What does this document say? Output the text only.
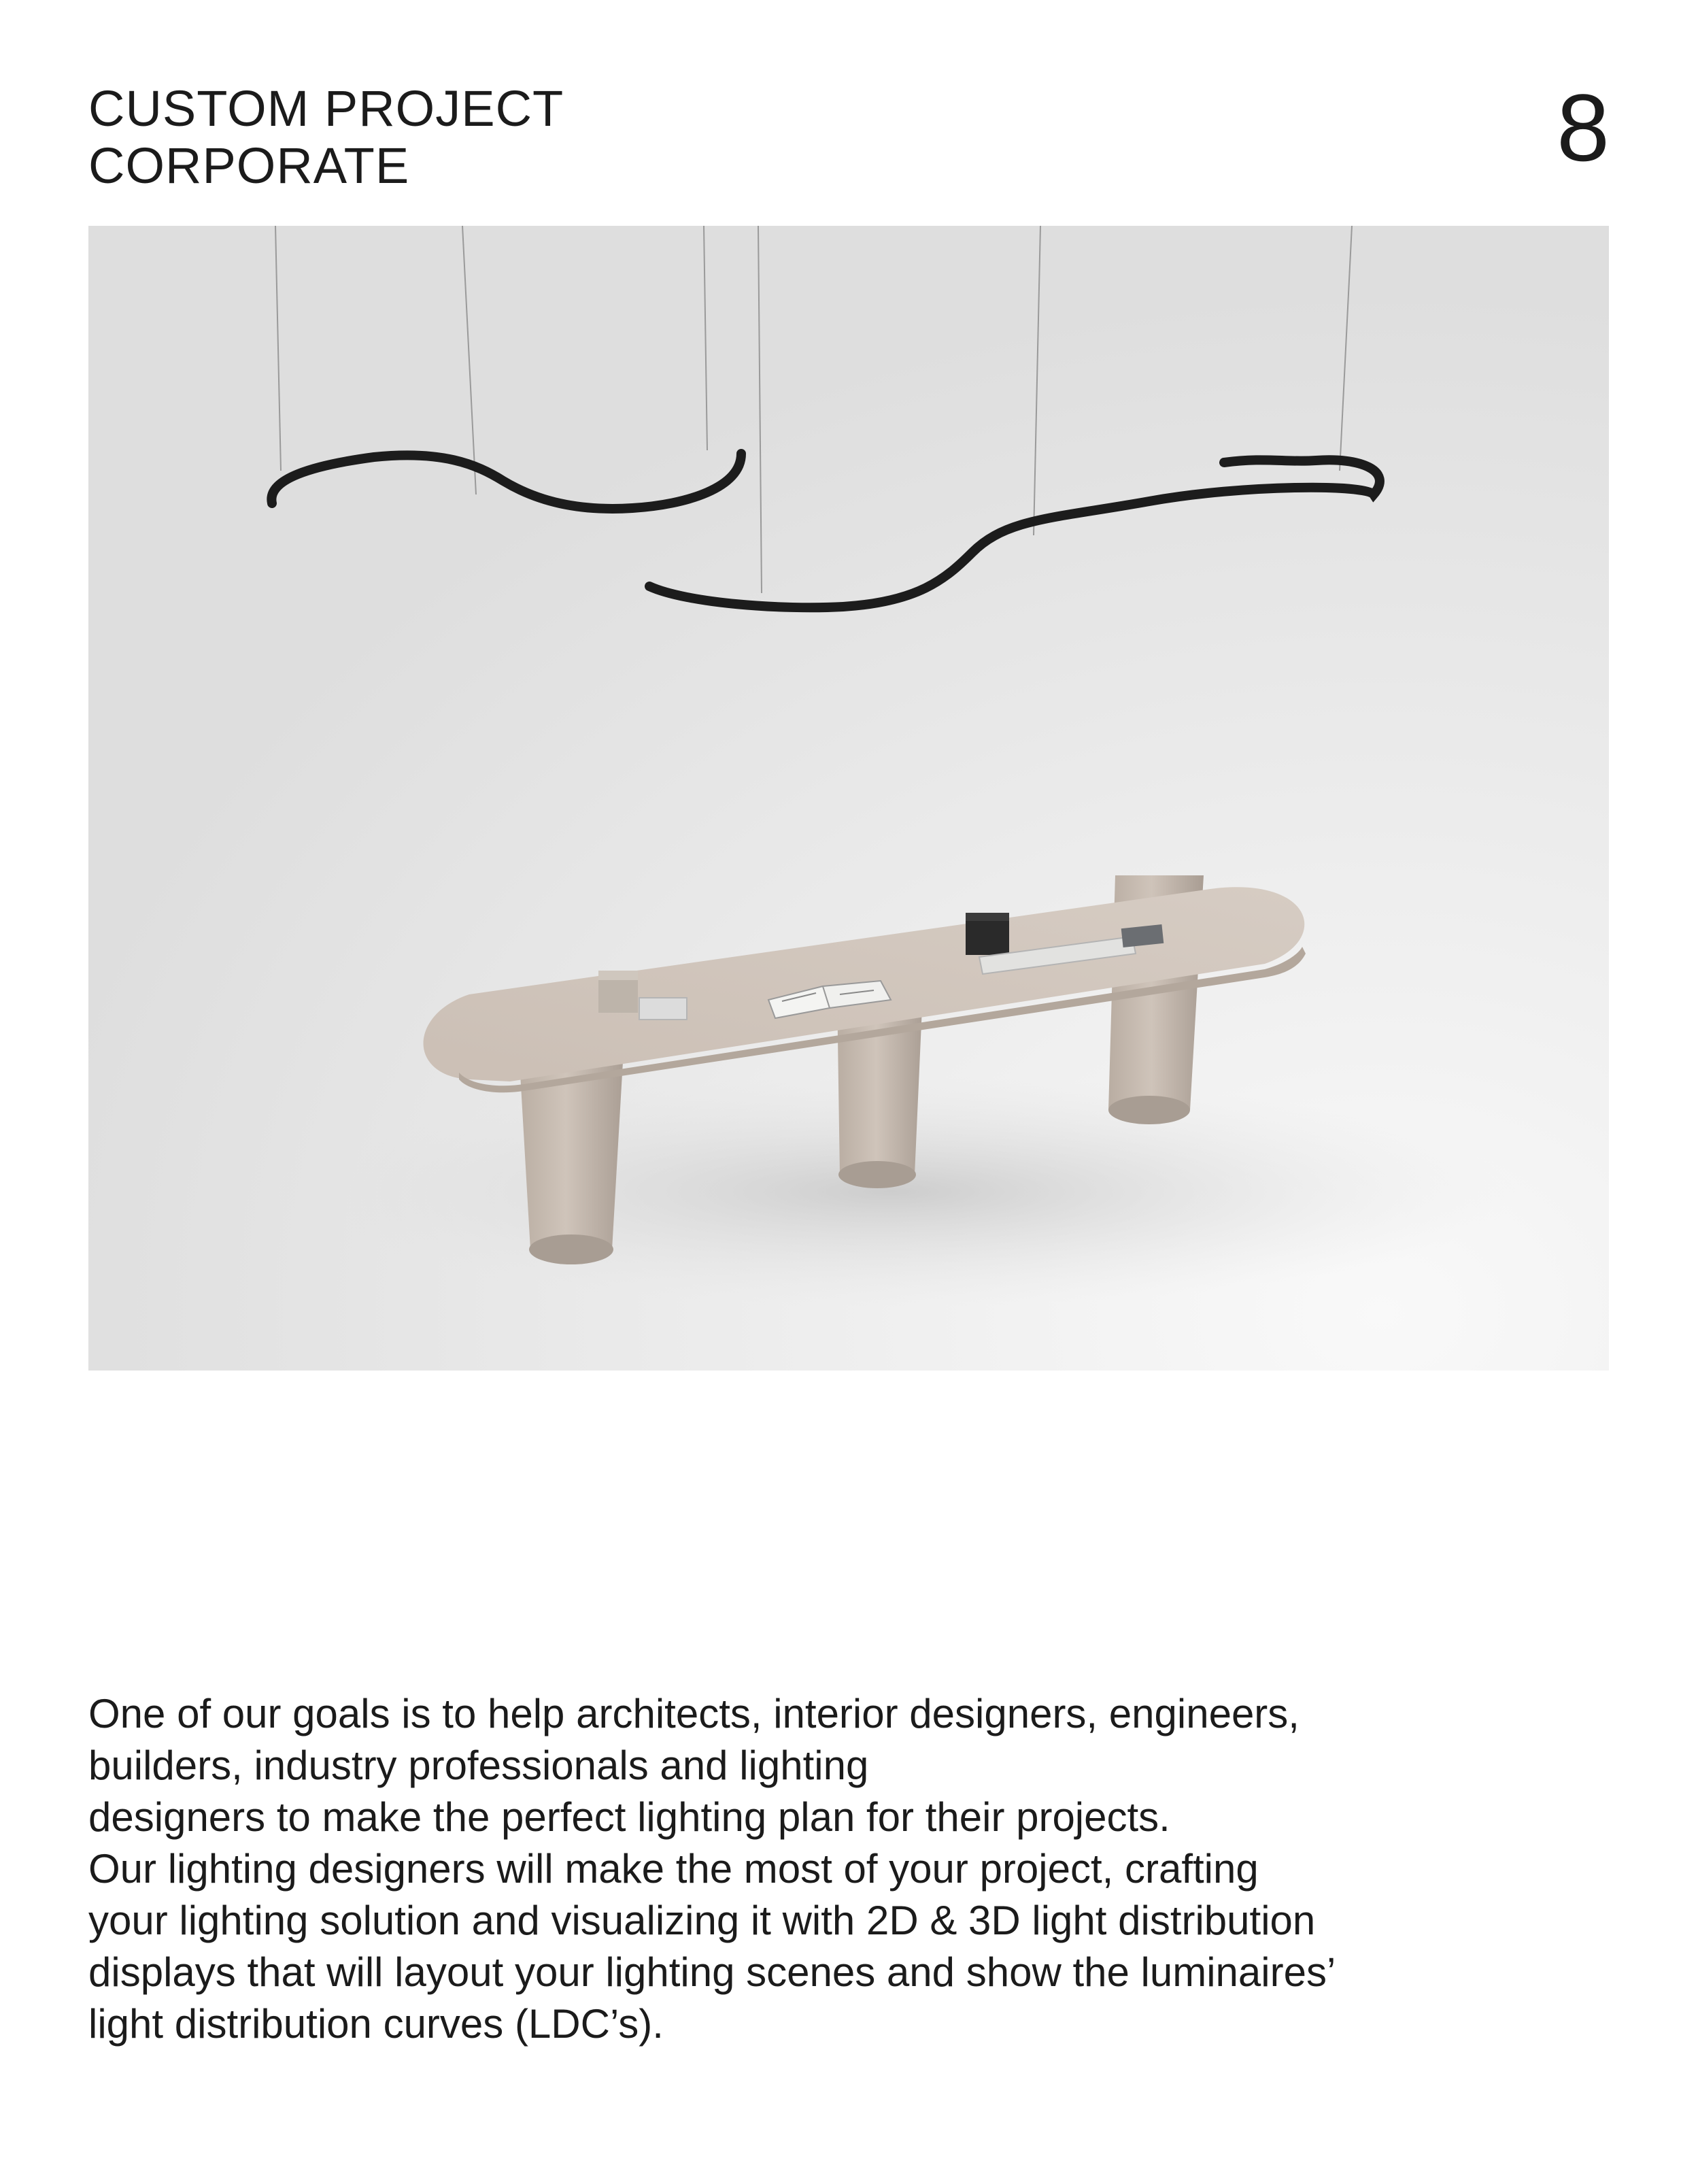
CUSTOM PROJECT
CORPORATE	8
One of our goals is to help architects, interior designers, engineers,
builders, industry professionals and lighting
designers to make the perfect lighting plan for their projects.
Our lighting designers will make the most of your project, crafting
your lighting solution and visualizing it with 2D & 3D light distribution
displays that will layout your lighting scenes and show the luminaires’
light distribution curves (LDC’s).
